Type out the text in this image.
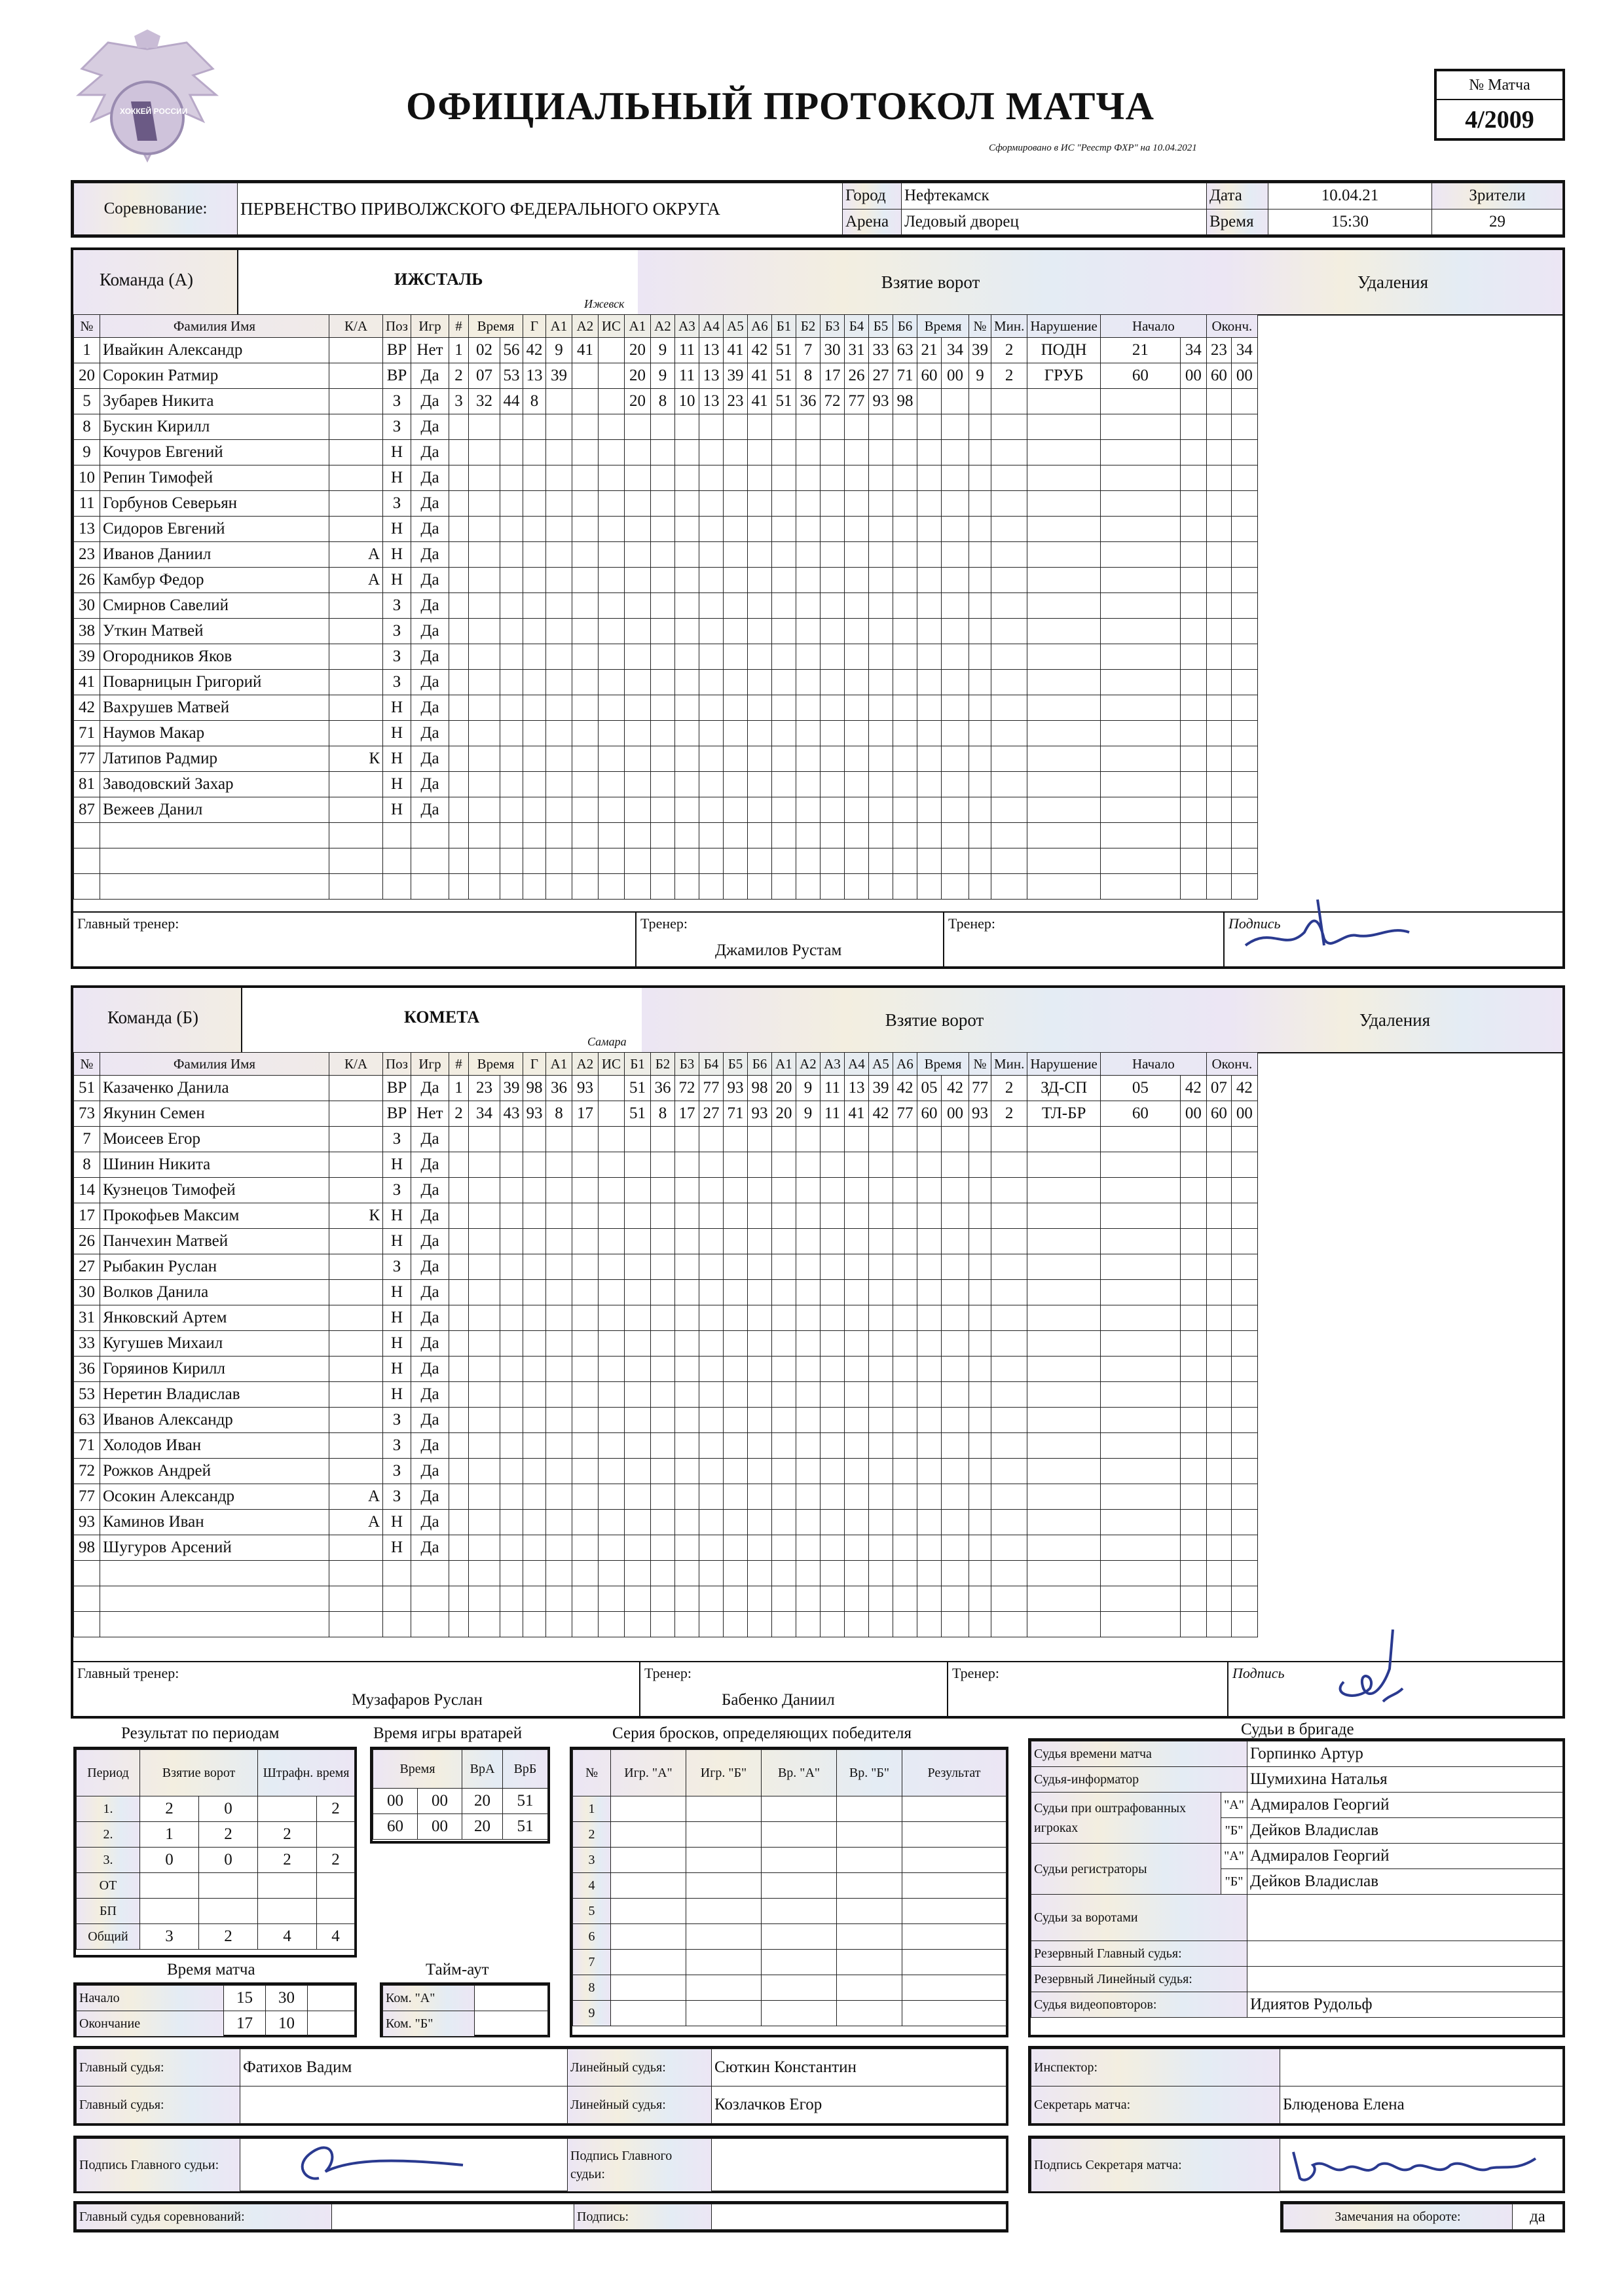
ХОККЕЙ РОССИИ	ОФИЦИАЛЬНЫЙ ПРОТОКОЛ МАТЧА
Сформировано в ИС "Реестр ФХР" на 10.04.2021
№ Матча
4/2009
Соревнование:	ПЕРВЕНСТВО ПРИВОЛЖСКОГО ФЕДЕРАЛЬНОГО ОКРУГА	Город	Нефтекамск	Дата	10.04.21	Зрители
		Арена	Ледовый дворец	Время	15:30	29
Команда (А)	ИЖСТАЛЬ
Ижевск
Взятие ворот	Удаления
№	Фамилия Имя	К/А	Поз	Игр	#	Время		Г	А1	А2	ИС	А1	А2	А3	А4	А5	А6	Б1	Б2	Б3	Б4	Б5	Б6	Время		№	Мин.	Нарушение	Начало		Оконч.	
1	Ивайкин Александр		ВР	Нет	1	02	56	42	9	41		20	9	11	13	41	42	51	7	30	31	33	63	21	34	39	2	ПОДН	21	34	23	34
20	Сорокин Ратмир		ВР	Да	2	07	53	13	39			20	9	11	13	39	41	51	8	17	26	27	71	60	00	9	2	ГРУБ	60	00	60	00
5	Зубарев Никита		З	Да	3	32	44	8				20	8	10	13	23	41	51	36	72	77	93	98									
8	Бускин Кирилл		З	Да																												
9	Кочуров Евгений		Н	Да																												
10	Репин Тимофей		Н	Да																												
11	Горбунов Северьян		З	Да																												
13	Сидоров Евгений		Н	Да																												
23	Иванов Даниил	А	Н	Да																												
26	Камбур Федор	А	Н	Да																												
30	Смирнов Савелий		З	Да																												
38	Уткин Матвей		З	Да																												
39	Огородников Яков		З	Да																												
41	Поварницын Григорий		З	Да																												
42	Вахрушев Матвей		Н	Да																												
71	Наумов Макар		Н	Да																												
77	Латипов Радмир	К	Н	Да																												
81	Заводовский Захар		Н	Да																												
87	Вежеев Данил		Н	Да																												

Главный тренер:	Тренер:
Джамилов Рустам
Тренер:	Подпись
Команда (Б)	КОМЕТА
Самара
Взятие ворот	Удаления
№	Фамилия Имя	К/А	Поз	Игр	#	Время		Г	А1	А2	ИС	Б1	Б2	Б3	Б4	Б5	Б6	А1	А2	А3	А4	А5	А6	Время		№	Мин.	Нарушение	Начало		Оконч.	
51	Казаченко Данила		ВР	Да	1	23	39	98	36	93		51	36	72	77	93	98	20	9	11	13	39	42	05	42	77	2	ЗД-СП	05	42	07	42
73	Якунин Семен		ВР	Нет	2	34	43	93	8	17		51	8	17	27	71	93	20	9	11	41	42	77	60	00	93	2	ТЛ-БР	60	00	60	00
7	Моисеев Егор		З	Да																												
8	Шинин Никита		Н	Да																												
14	Кузнецов Тимофей		З	Да																												
17	Прокофьев Максим	К	Н	Да																												
26	Панчехин Матвей		Н	Да																												
27	Рыбакин Руслан		З	Да																												
30	Волков Данила		Н	Да																												
31	Янковский Артем		Н	Да																												
33	Кугушев Михаил		Н	Да																												
36	Горяинов Кирилл		Н	Да																												
53	Неретин Владислав		Н	Да																												
63	Иванов Александр		З	Да																												
71	Холодов Иван		З	Да																												
72	Рожков Андрей		З	Да																												
77	Осокин Александр	А	З	Да																												
93	Каминов Иван	А	Н	Да																												
98	Шугуров Арсений		Н	Да																												

Главный тренер:
Музафаров Руслан
Тренер:
Бабенко Даниил
Тренер:	Подпись
Результат по периодам	Время игры вратарей	Серия бросков, определяющих победителя	Судьи в бригаде
Период	Взятие ворот		Штрафн. время	
1.	2	0		2
2.	1	2	2	
3.	0	0	2	2
ОТ				
БП				
Общий	3	2	4	4
Время		ВрА	ВрБ
00	00	20	51
60	00	20	51
Время матча
Начало	15	30	
Окончание	17	10	
Тайм-аут
Ком. "А"	
Ком. "Б"	
№	Игр. "А"	Игр. "Б"	Вр. "А"	Вр. "Б"	Результат
1					
2					
3					
4					
5					
6					
7					
8					
9					
Судья времени матча		Горпинко Артур
Судья-информатор		Шумихина Наталья
Судьи при оштрафованных игроках	"А"	Адмиралов Георгий
	"Б"	Дейков Владислав
Судьи регистраторы	"А"	Адмиралов Георгий
	"Б"	Дейков Владислав
Судьи за воротами		
Резервный Главный судья:		
Резервный Линейный судья:		
Судья видеоповторов:		Идиятов Рудольф
Главный судья:	Фатихов Вадим	Линейный судья:	Сюткин Константин
Главный судья:		Линейный судья:	Козлачков Егор
Инспектор:	
Секретарь матча:	Блюденова Елена
Подпись Главного судьи:	
	Подпись Главного судьи:	
Подпись Секретаря матча:	
Главный судья соревнований:		Подпись:		Замечания на обороте:	да
